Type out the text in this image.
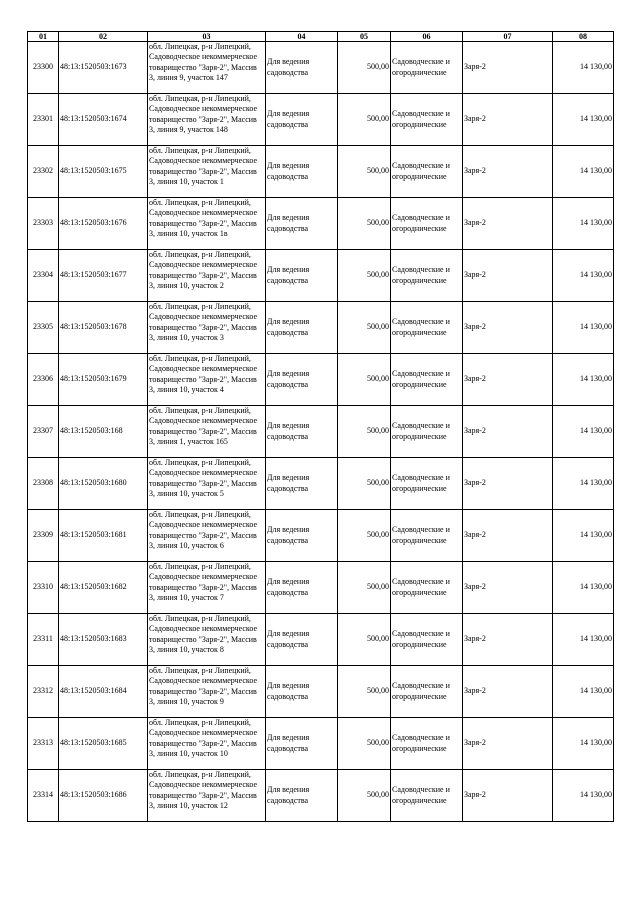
01	02	03	04	05	06	07	08
23300	48:13:1520503:1673	обл. Липецкая, р-н Липецкий, Садоводческое некоммерческое товарищество "Заря-2", Массив 3, линия 9, участок 147	Для ведения садоводства	500,00	Садоводческие и огороднические	Заря-2	14 130,00
23301	48:13:1520503:1674	обл. Липецкая, р-н Липецкий, Садоводческое некоммерческое товарищество "Заря-2", Массив 3, линия 9, участок 148	Для ведения садоводства	500,00	Садоводческие и огороднические	Заря-2	14 130,00
23302	48:13:1520503:1675	обл. Липецкая, р-н Липецкий, Садоводческое некоммерческое товарищество "Заря-2", Массив 3, линия 10, участок 1	Для ведения садоводства	500,00	Садоводческие и огороднические	Заря-2	14 130,00
23303	48:13:1520503:1676	обл. Липецкая, р-н Липецкий, Садоводческое некоммерческое товарищество "Заря-2", Массив 3, линия 10, участок 1в	Для ведения садоводства	500,00	Садоводческие и огороднические	Заря-2	14 130,00
23304	48:13:1520503:1677	обл. Липецкая, р-н Липецкий, Садоводческое некоммерческое товарищество "Заря-2", Массив 3, линия 10, участок 2	Для ведения садоводства	500,00	Садоводческие и огороднические	Заря-2	14 130,00
23305	48:13:1520503:1678	обл. Липецкая, р-н Липецкий, Садоводческое некоммерческое товарищество "Заря-2", Массив 3, линия 10, участок 3	Для ведения садоводства	500,00	Садоводческие и огороднические	Заря-2	14 130,00
23306	48:13:1520503:1679	обл. Липецкая, р-н Липецкий, Садоводческое некоммерческое товарищество "Заря-2", Массив 3, линия 10, участок 4	Для ведения садоводства	500,00	Садоводческие и огороднические	Заря-2	14 130,00
23307	48:13:1520503:168	обл. Липецкая, р-н Липецкий, Садоводческое некоммерческое товарищество "Заря-2", Массив 3, линия 1, участок 165	Для ведения садоводства	500,00	Садоводческие и огороднические	Заря-2	14 130,00
23308	48:13:1520503:1680	обл. Липецкая, р-н Липецкий, Садоводческое некоммерческое товарищество "Заря-2", Массив 3, линия 10, участок 5	Для ведения садоводства	500,00	Садоводческие и огороднические	Заря-2	14 130,00
23309	48:13:1520503:1681	обл. Липецкая, р-н Липецкий, Садоводческое некоммерческое товарищество "Заря-2", Массив 3, линия 10, участок 6	Для ведения садоводства	500,00	Садоводческие и огороднические	Заря-2	14 130,00
23310	48:13:1520503:1682	обл. Липецкая, р-н Липецкий, Садоводческое некоммерческое товарищество "Заря-2", Массив 3, линия 10, участок 7	Для ведения садоводства	500,00	Садоводческие и огороднические	Заря-2	14 130,00
23311	48:13:1520503:1683	обл. Липецкая, р-н Липецкий, Садоводческое некоммерческое товарищество "Заря-2", Массив 3, линия 10, участок 8	Для ведения садоводства	500,00	Садоводческие и огороднические	Заря-2	14 130,00
23312	48:13:1520503:1684	обл. Липецкая, р-н Липецкий, Садоводческое некоммерческое товарищество "Заря-2", Массив 3, линия 10, участок 9	Для ведения садоводства	500,00	Садоводческие и огороднические	Заря-2	14 130,00
23313	48:13:1520503:1685	обл. Липецкая, р-н Липецкий, Садоводческое некоммерческое товарищество "Заря-2", Массив 3, линия 10, участок 10	Для ведения садоводства	500,00	Садоводческие и огороднические	Заря-2	14 130,00
23314	48:13:1520503:1686	обл. Липецкая, р-н Липецкий, Садоводческое некоммерческое товарищество "Заря-2", Массив 3, линия 10, участок 12	Для ведения садоводства	500,00	Садоводческие и огороднические	Заря-2	14 130,00
